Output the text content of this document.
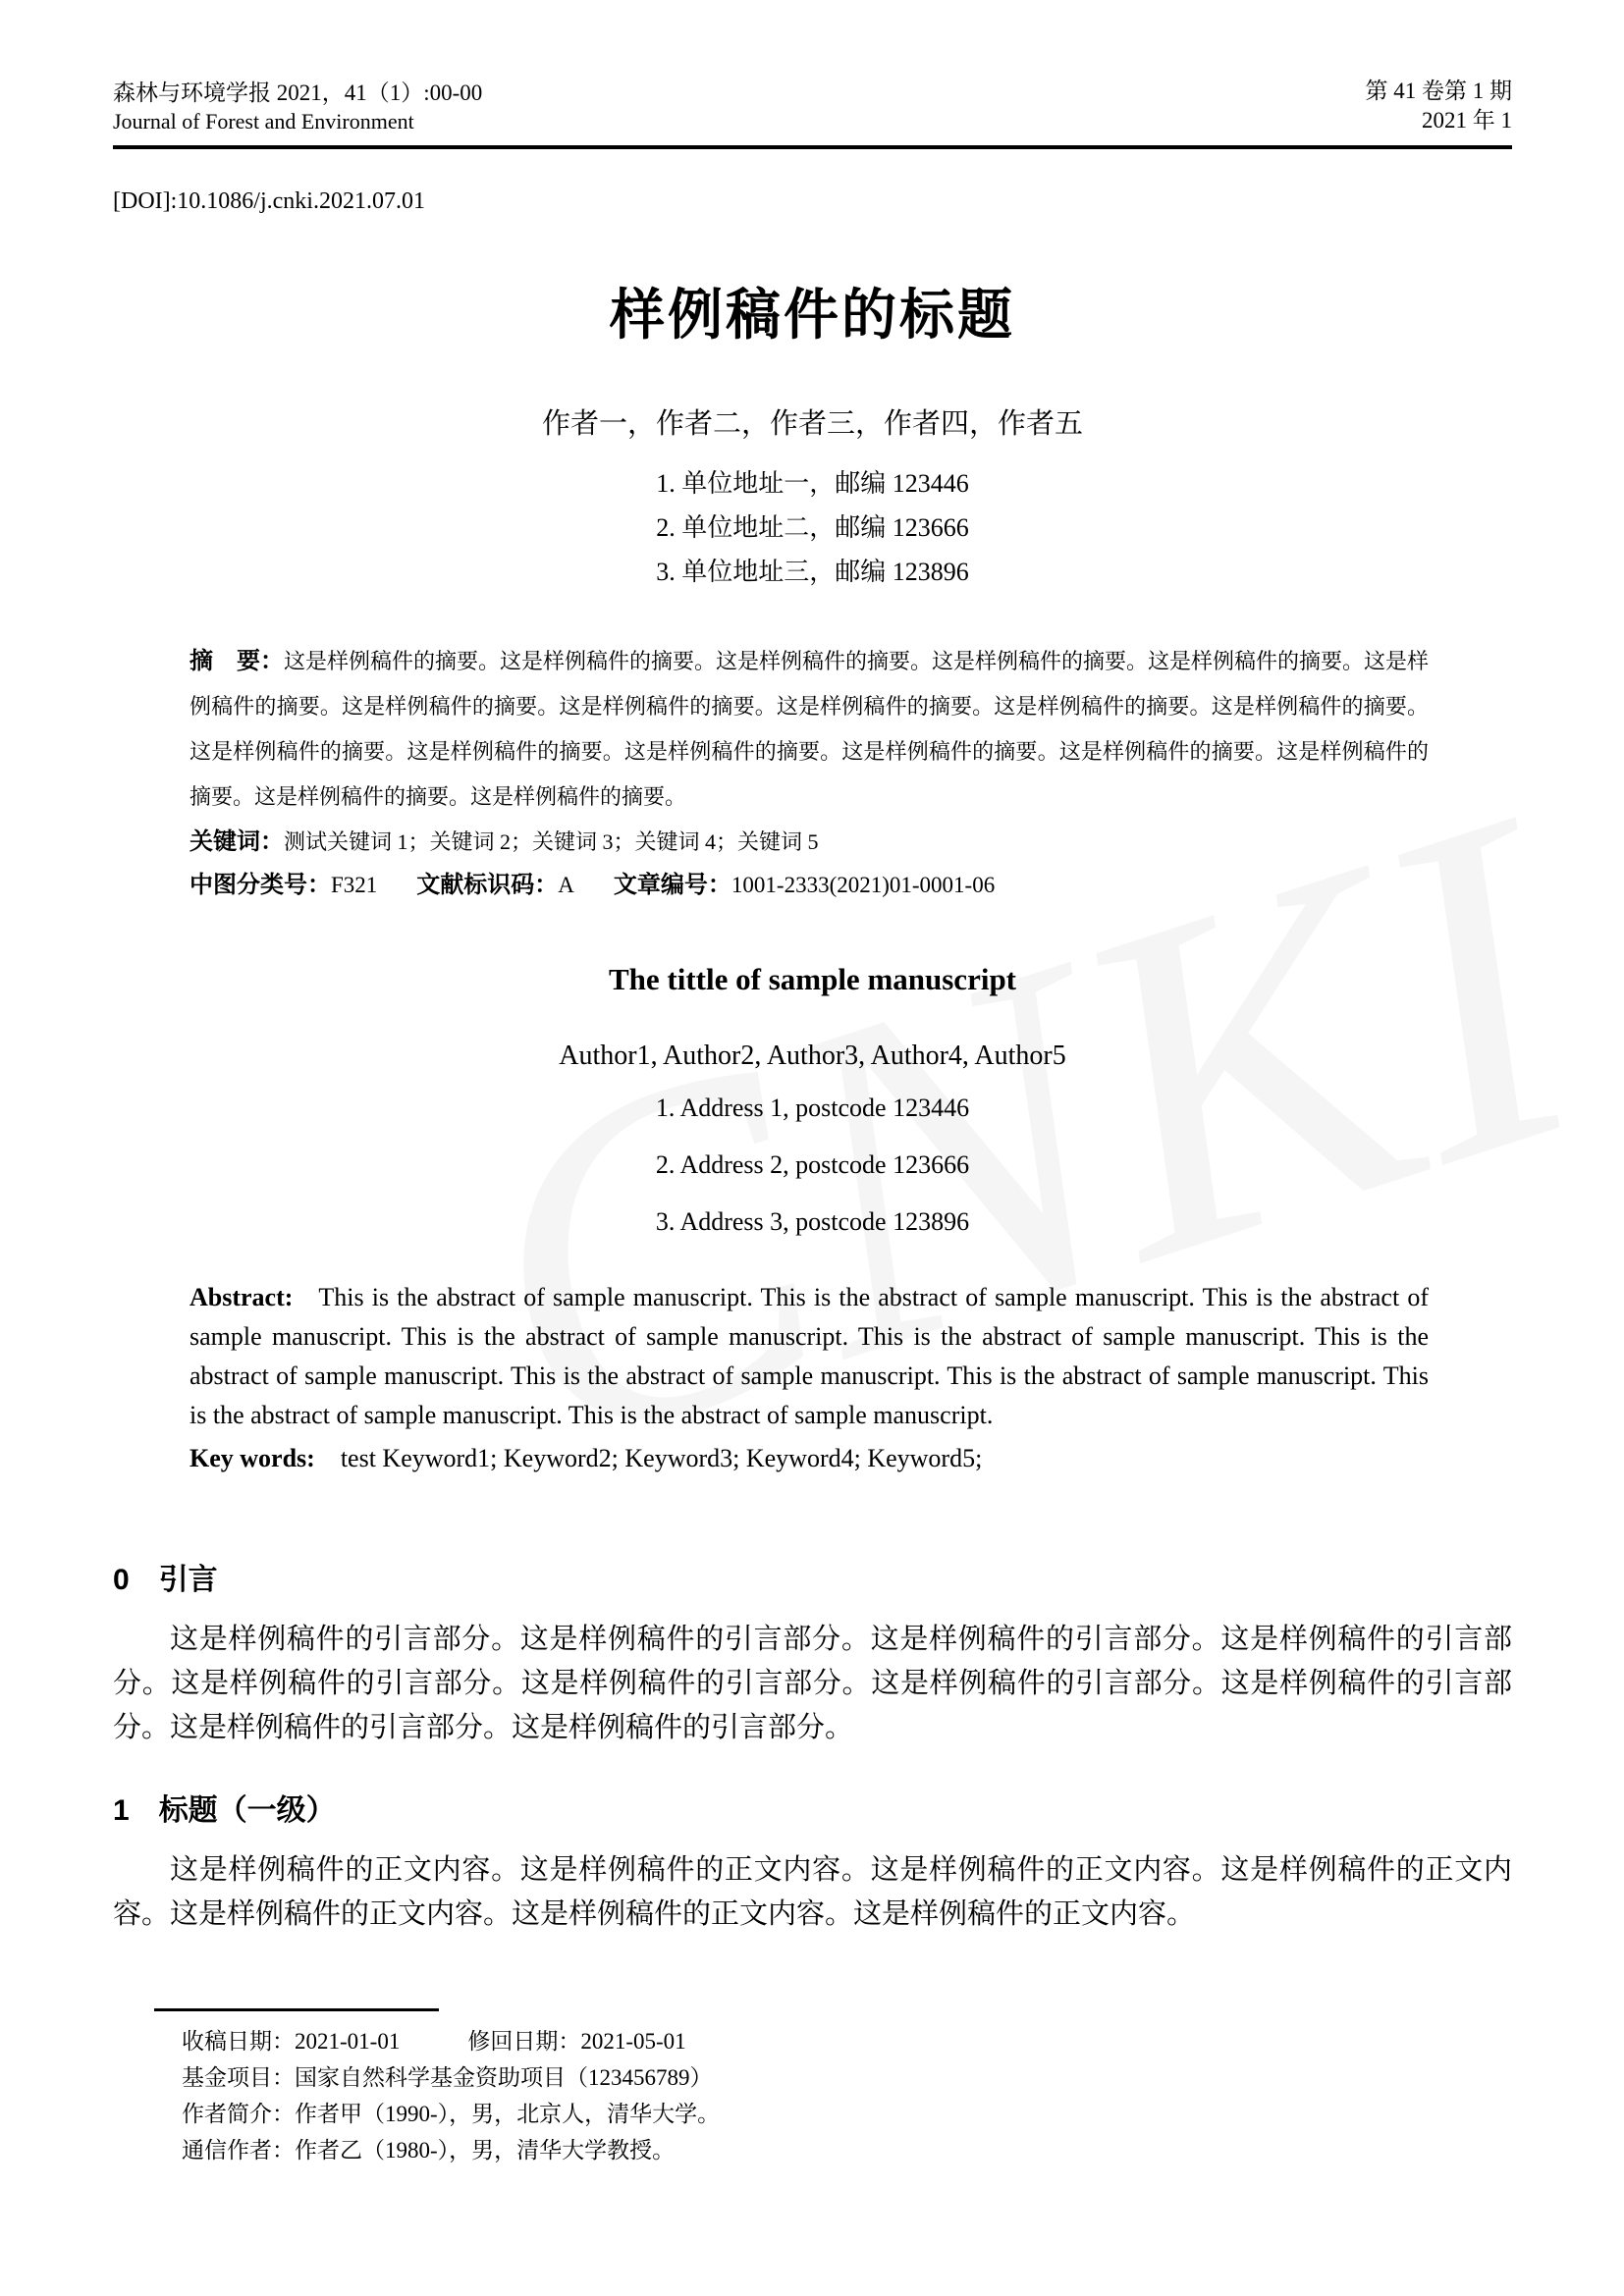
森林与环境学报 2021，41（1）:00-00
Journal of Forest and Environment
第 41 卷第 1 期
2021 年 1
[DOI]:10.1086/j.cnki.2021.07.01
样例稿件的标题
作者一，作者二，作者三，作者四，作者五
1. 单位地址一，邮编 123446
2. 单位地址二，邮编 123666
3. 单位地址三，邮编 123896
摘　要：这是样例稿件的摘要。这是样例稿件的摘要。这是样例稿件的摘要。这是样例稿件的摘要。这是样例稿件的摘要。这是样例稿件的摘要。这是样例稿件的摘要。这是样例稿件的摘要。这是样例稿件的摘要。这是样例稿件的摘要。这是样例稿件的摘要。这是样例稿件的摘要。这是样例稿件的摘要。这是样例稿件的摘要。这是样例稿件的摘要。这是样例稿件的摘要。这是样例稿件的摘要。这是样例稿件的摘要。这是样例稿件的摘要。
关键词：测试关键词 1；关键词 2；关键词 3；关键词 4；关键词 5
中图分类号：F321 文献标识码：A 文章编号：1001-2333(2021)01-0001-06
The tittle of sample manuscript
Author1, Author2, Author3, Author4, Author5
1. Address 1, postcode 123446
2. Address 2, postcode 123666
3. Address 3, postcode 123896
Abstract: This is the abstract of sample manuscript. This is the abstract of sample manuscript. This is the abstract of sample manuscript. This is the abstract of sample manuscript. This is the abstract of sample manuscript. This is the abstract of sample manuscript. This is the abstract of sample manuscript. This is the abstract of sample manuscript. This is the abstract of sample manuscript. This is the abstract of sample manuscript.
Key words: test Keyword1; Keyword2; Keyword3; Keyword4; Keyword5;
0 引言
这是样例稿件的引言部分。这是样例稿件的引言部分。这是样例稿件的引言部分。这是样例稿件的引言部分。这是样例稿件的引言部分。这是样例稿件的引言部分。这是样例稿件的引言部分。这是样例稿件的引言部分。这是样例稿件的引言部分。这是样例稿件的引言部分。
1 标题（一级）
这是样例稿件的正文内容。这是样例稿件的正文内容。这是样例稿件的正文内容。这是样例稿件的正文内容。这是样例稿件的正文内容。这是样例稿件的正文内容。这是样例稿件的正文内容。
收稿日期：2021-01-01　　　修回日期：2021-05-01
基金项目：国家自然科学基金资助项目（123456789）
作者简介：作者甲（1990-），男，北京人，清华大学。
通信作者：作者乙（1980-），男，清华大学教授。
